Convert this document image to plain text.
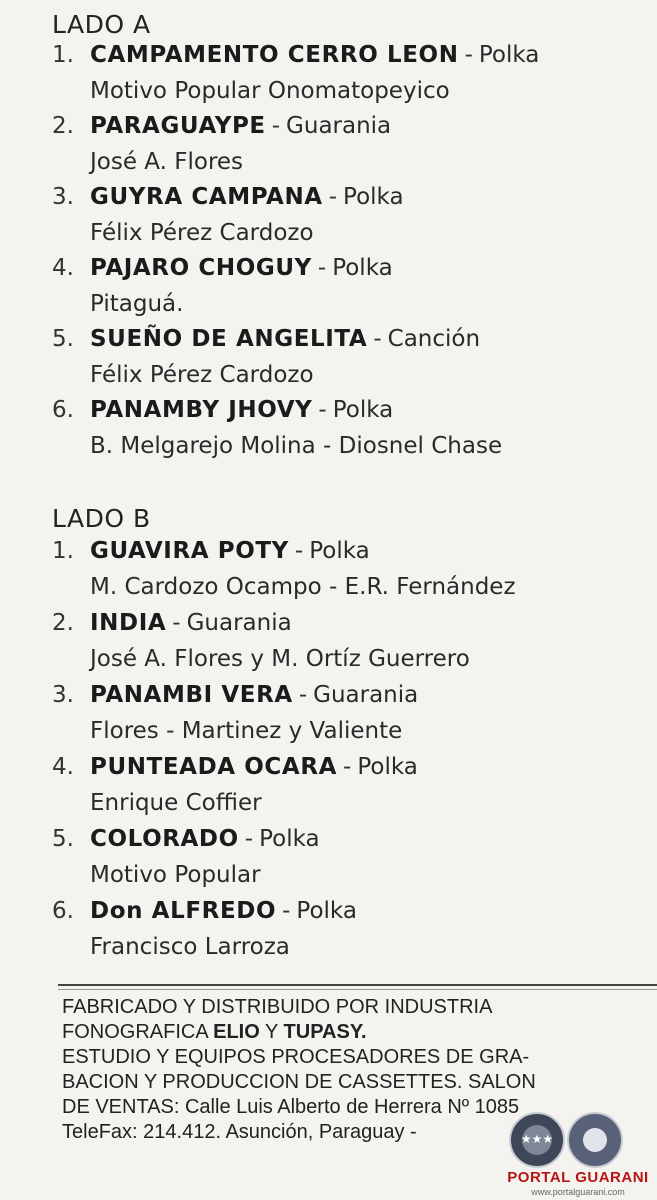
LADO A
1. CAMPAMENTO CERRO LEON - Polka
Motivo Popular Onomatopeyico
2. PARAGUAYPE - Guarania
José A. Flores
3. GUYRA CAMPANA - Polka
Félix Pérez Cardozo
4. PAJARO CHOGUY - Polka
Pitaguá.
5. SUEÑO DE ANGELITA - Canción
Félix Pérez Cardozo
6. PANAMBY JHOVY - Polka
B. Melgarejo Molina - Diosnel Chase
LADO B
1. GUAVIRA POTY - Polka
M. Cardozo Ocampo - E.R. Fernández
2. INDIA - Guarania
José A. Flores y M. Ortíz Guerrero
3. PANAMBI VERA - Guarania
Flores - Martinez y Valiente
4. PUNTEADA OCARA - Polka
Enrique Coffier
5. COLORADO - Polka
Motivo Popular
6. Don ALFREDO - Polka
Francisco Larroza
FABRICADO Y DISTRIBUIDO POR INDUSTRIA
FONOGRAFICA ELIO Y TUPASY.
ESTUDIO Y EQUIPOS PROCESADORES DE GRA-
BACION Y PRODUCCION DE CASSETTES. SALON
DE VENTAS: Calle Luis Alberto de Herrera Nº 1085
TeleFax: 214.412. Asunción, Paraguay -	★★★
PORTAL GUARANI
www.portalguarani.com
